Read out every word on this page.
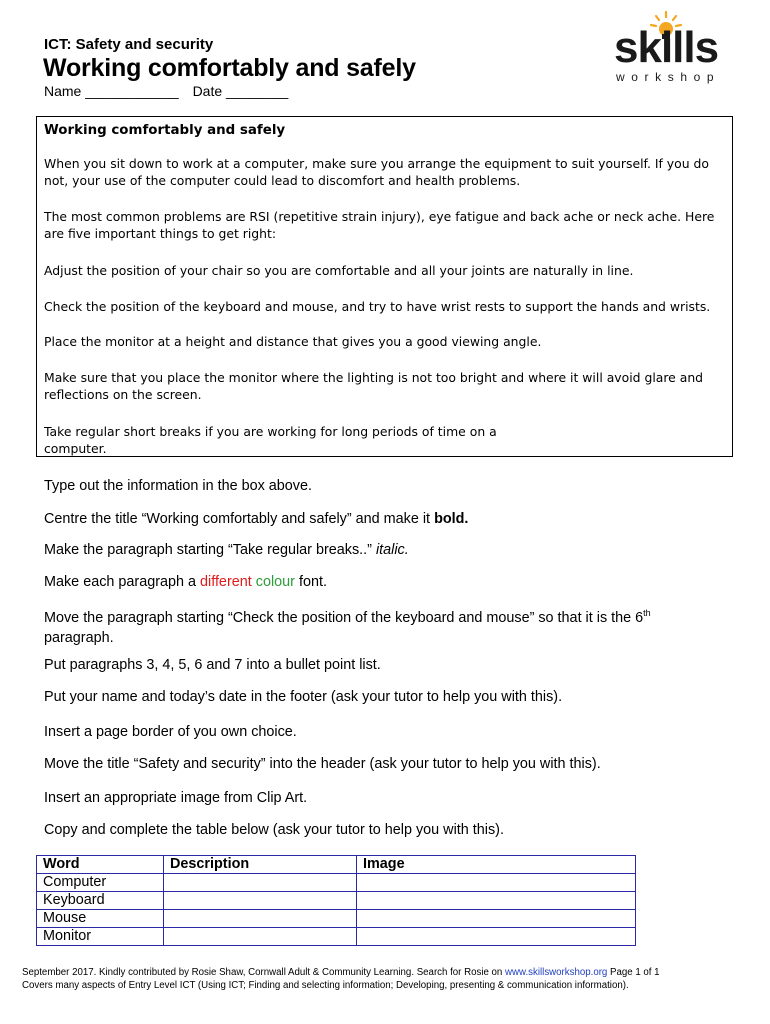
ICT: Safety and security
Working comfortably and safely
Name ____________ Date ________
skills
workshop
Working comfortably and safely
When you sit down to work at a computer, make sure you arrange the equipment to suit yourself. If you do not, your use of the computer could lead to discomfort and health problems.
The most common problems are RSI (repetitive strain injury), eye fatigue and back ache or neck ache. Here are five important things to get right:
Adjust the position of your chair so you are comfortable and all your joints are naturally in line.
Check the position of the keyboard and mouse, and try to have wrist rests to support the hands and wrists.
Place the monitor at a height and distance that gives you a good viewing angle.
Make sure that you place the monitor where the lighting is not too bright and where it will avoid glare and reflections on the screen.
Take regular short breaks if you are working for long periods of time on a computer.
Type out the information in the box above.
Centre the title “Working comfortably and safely” and make it bold.
Make the paragraph starting “Take regular breaks..” italic.
Make each paragraph a different colour font.
Move the paragraph starting “Check the position of the keyboard and mouse” so that it is the 6th
paragraph.
Put paragraphs 3, 4, 5, 6 and 7 into a bullet point list.
Put your name and today’s date in the footer (ask your tutor to help you with this).
Insert a page border of you own choice.
Move the title “Safety and security” into the header (ask your tutor to help you with this).
Insert an appropriate image from Clip Art.
Copy and complete the table below (ask your tutor to help you with this).
Word	Description	Image
Computer		
Keyboard		
Mouse		
Monitor		
September 2017. Kindly contributed by Rosie Shaw, Cornwall Adult & Community Learning. Search for Rosie on www.skillsworkshop.org Page 1 of 1
Covers many aspects of Entry Level ICT (Using ICT; Finding and selecting information; Developing, presenting & communication information).
